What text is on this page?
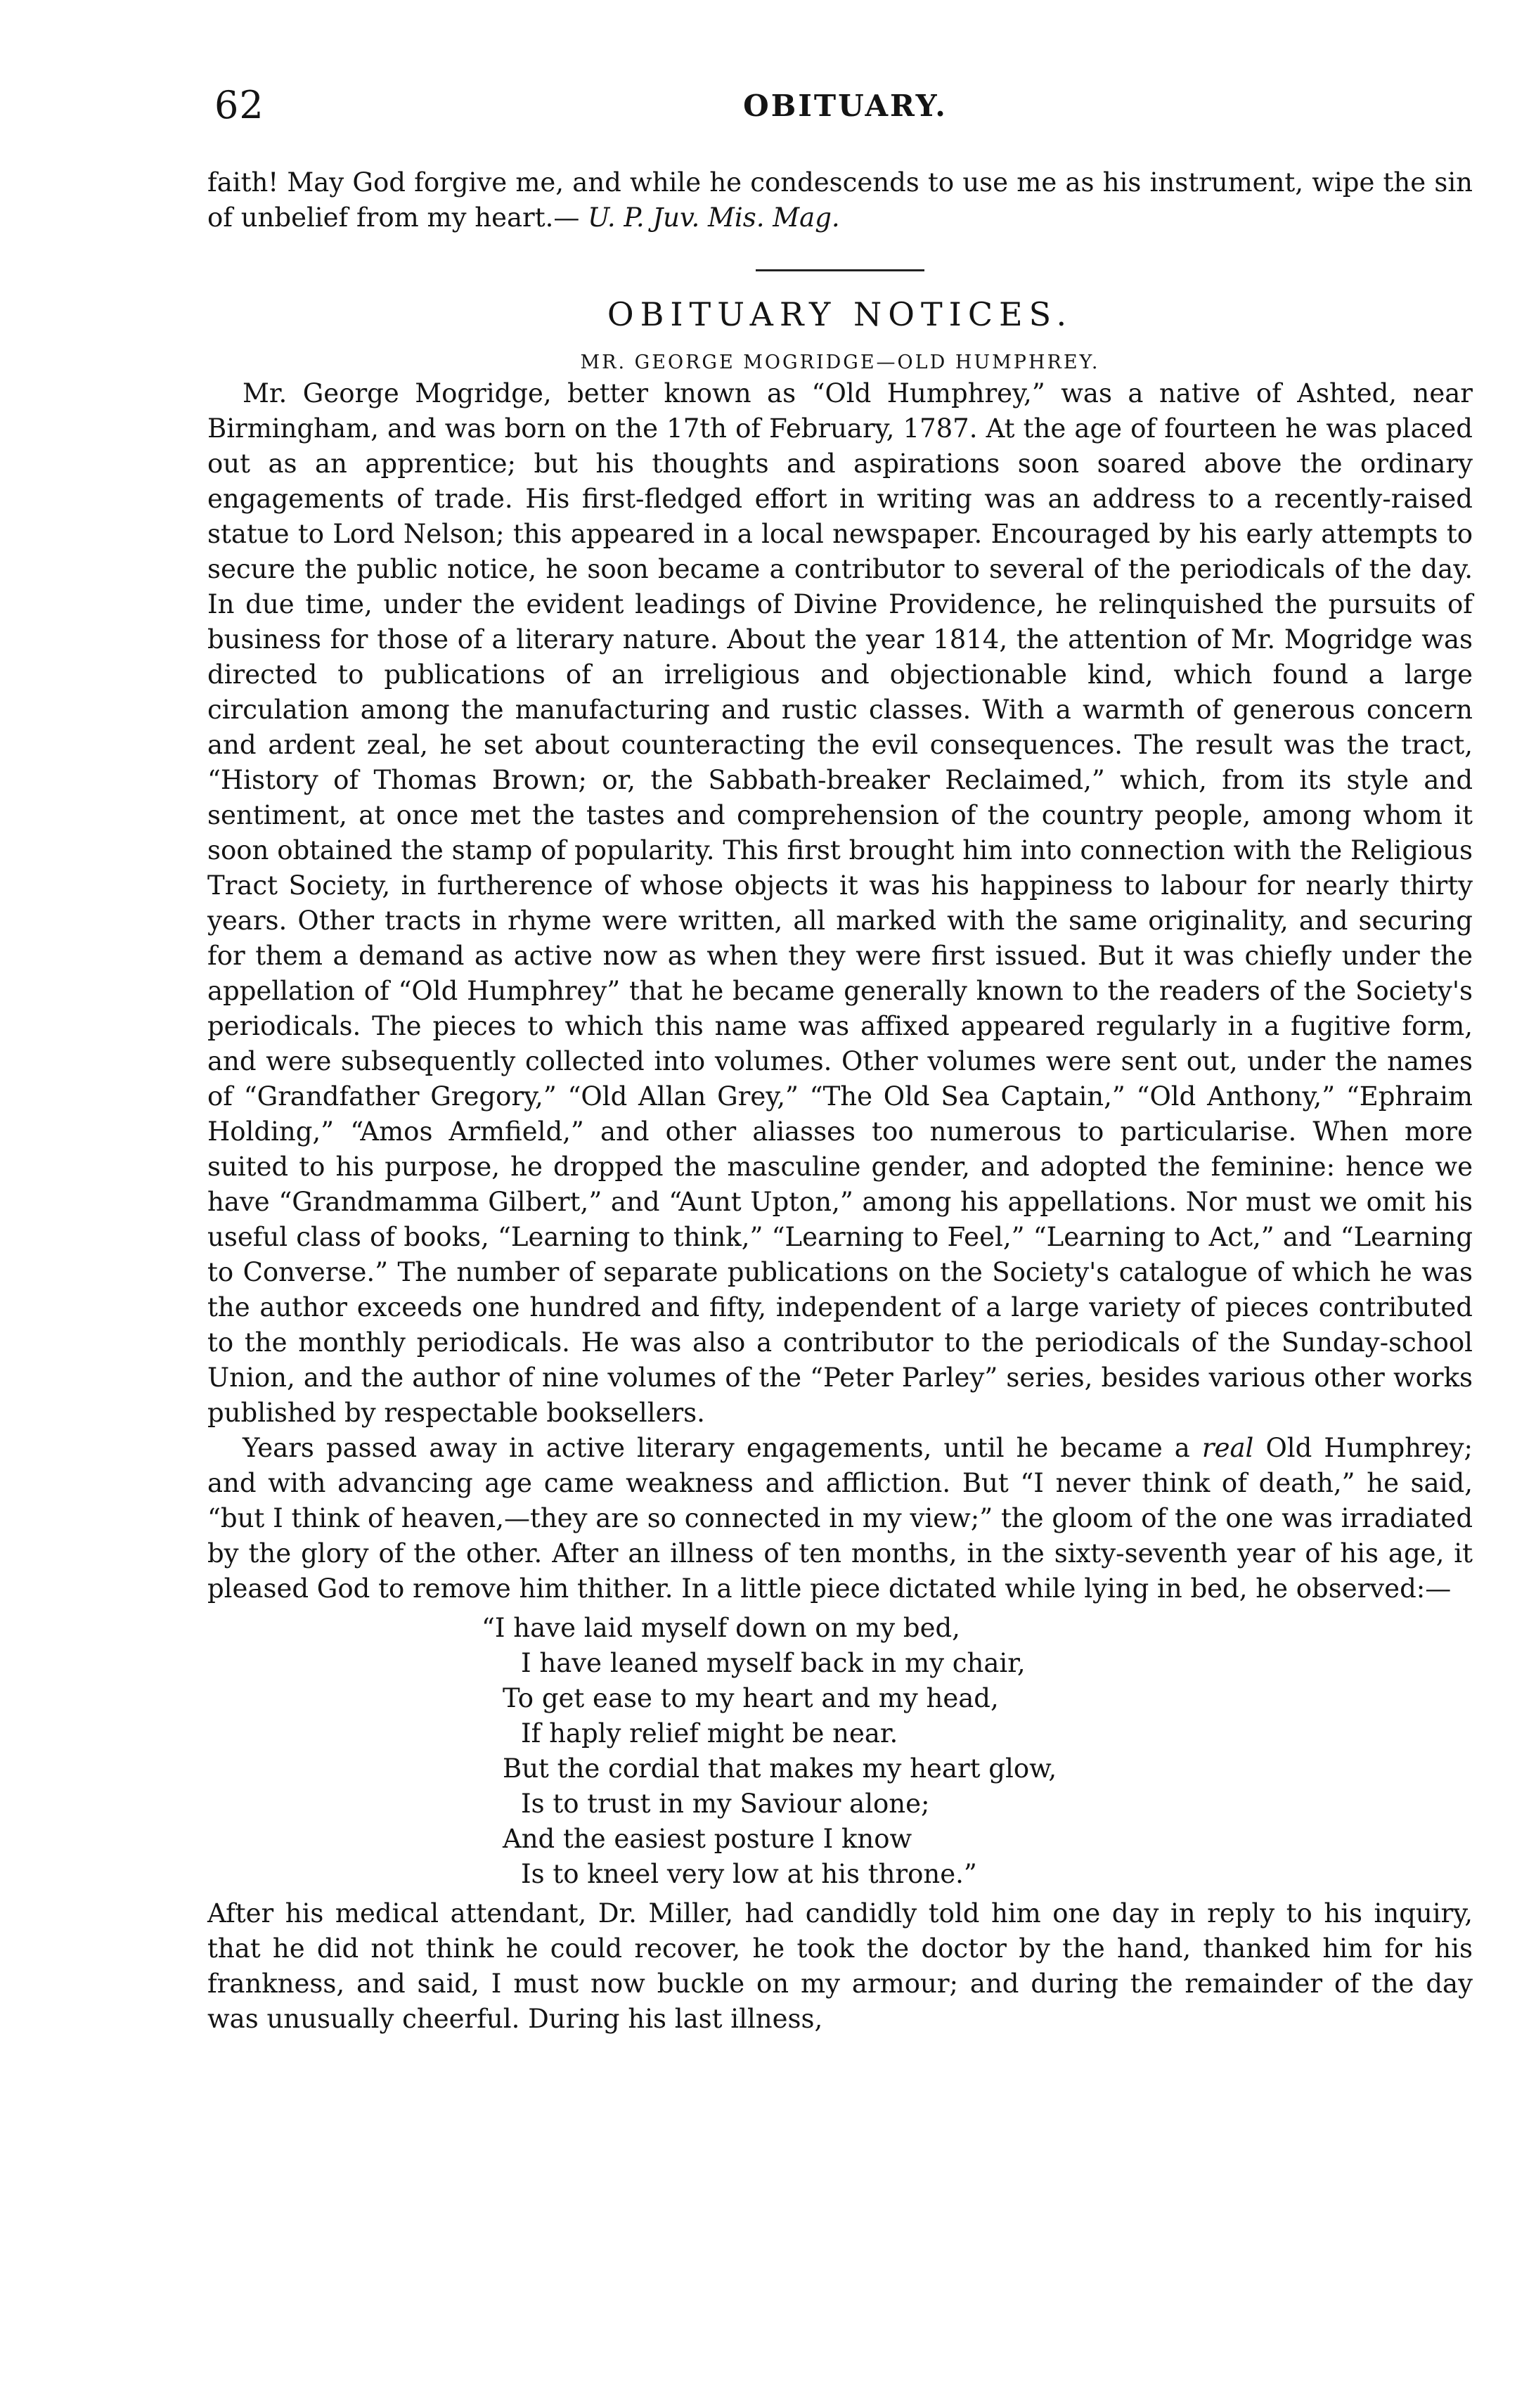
62	OBITUARY.

faith! May God forgive me, and while he condescends to use me as his instrument, wipe the sin of unbelief from my heart.— U. P. Juv. Mis. Mag.

OBITUARY NOTICES.
MR. GEORGE MOGRIDGE—OLD HUMPHREY.

Mr. George Mogridge, better known as “Old Humphrey,” was a native of Ashted, near Birmingham, and was born on the 17th of February, 1787. At the age of fourteen he was placed out as an apprentice; but his thoughts and aspirations soon soared above the ordinary engagements of trade. His first-fledged effort in writing was an address to a recently-raised statue to Lord Nelson; this appeared in a local newspaper. Encouraged by his early attempts to secure the public notice, he soon became a contributor to several of the periodicals of the day. In due time, under the evident leadings of Divine Providence, he relinquished the pursuits of business for those of a literary nature. About the year 1814, the attention of Mr. Mogridge was directed to publications of an irreligious and objectionable kind, which found a large circulation among the manufacturing and rustic classes. With a warmth of generous concern and ardent zeal, he set about counteracting the evil consequences. The result was the tract, “History of Thomas Brown; or, the Sabbath-breaker Reclaimed,” which, from its style and sentiment, at once met the tastes and comprehension of the country people, among whom it soon obtained the stamp of popularity. This first brought him into connection with the Religious Tract Society, in furtherence of whose objects it was his happiness to labour for nearly thirty years. Other tracts in rhyme were written, all marked with the same originality, and securing for them a demand as active now as when they were first issued. But it was chiefly under the appellation of “Old Humphrey” that he became generally known to the readers of the Society's periodicals. The pieces to which this name was affixed appeared regularly in a fugitive form, and were subsequently collected into volumes. Other volumes were sent out, under the names of “Grandfather Gregory,” “Old Allan Grey,” “The Old Sea Captain,” “Old Anthony,” “Ephraim Holding,” “Amos Armfield,” and other aliasses too numerous to particularise. When more suited to his purpose, he dropped the masculine gender, and adopted the feminine: hence we have “Grandmamma Gilbert,” and “Aunt Upton,” among his appellations. Nor must we omit his useful class of books, “Learning to think,” “Learning to Feel,” “Learning to Act,” and “Learning to Converse.” The number of separate publications on the Society's catalogue of which he was the author exceeds one hundred and fifty, independent of a large variety of pieces contributed to the monthly periodicals. He was also a contributor to the periodicals of the Sunday-school Union, and the author of nine volumes of the “Peter Parley” series, besides various other works published by respectable booksellers.

Years passed away in active literary engagements, until he became a real Old Humphrey; and with advancing age came weakness and affliction. But “I never think of death,” he said, “but I think of heaven,—they are so connected in my view;” the gloom of the one was irradiated by the glory of the other. After an illness of ten months, in the sixty-seventh year of his age, it pleased God to remove him thither. In a little piece dictated while lying in bed, he observed:—

“I have laid myself down on my bed,
I have leaned myself back in my chair,
To get ease to my heart and my head,
If haply relief might be near.
But the cordial that makes my heart glow,
Is to trust in my Saviour alone;
And the easiest posture I know
Is to kneel very low at his throne.”

After his medical attendant, Dr. Miller, had candidly told him one day in reply to his inquiry, that he did not think he could recover, he took the doctor by the hand, thanked him for his frankness, and said, I must now buckle on my armour; and during the remainder of the day was unusually cheerful. During his last illness,
